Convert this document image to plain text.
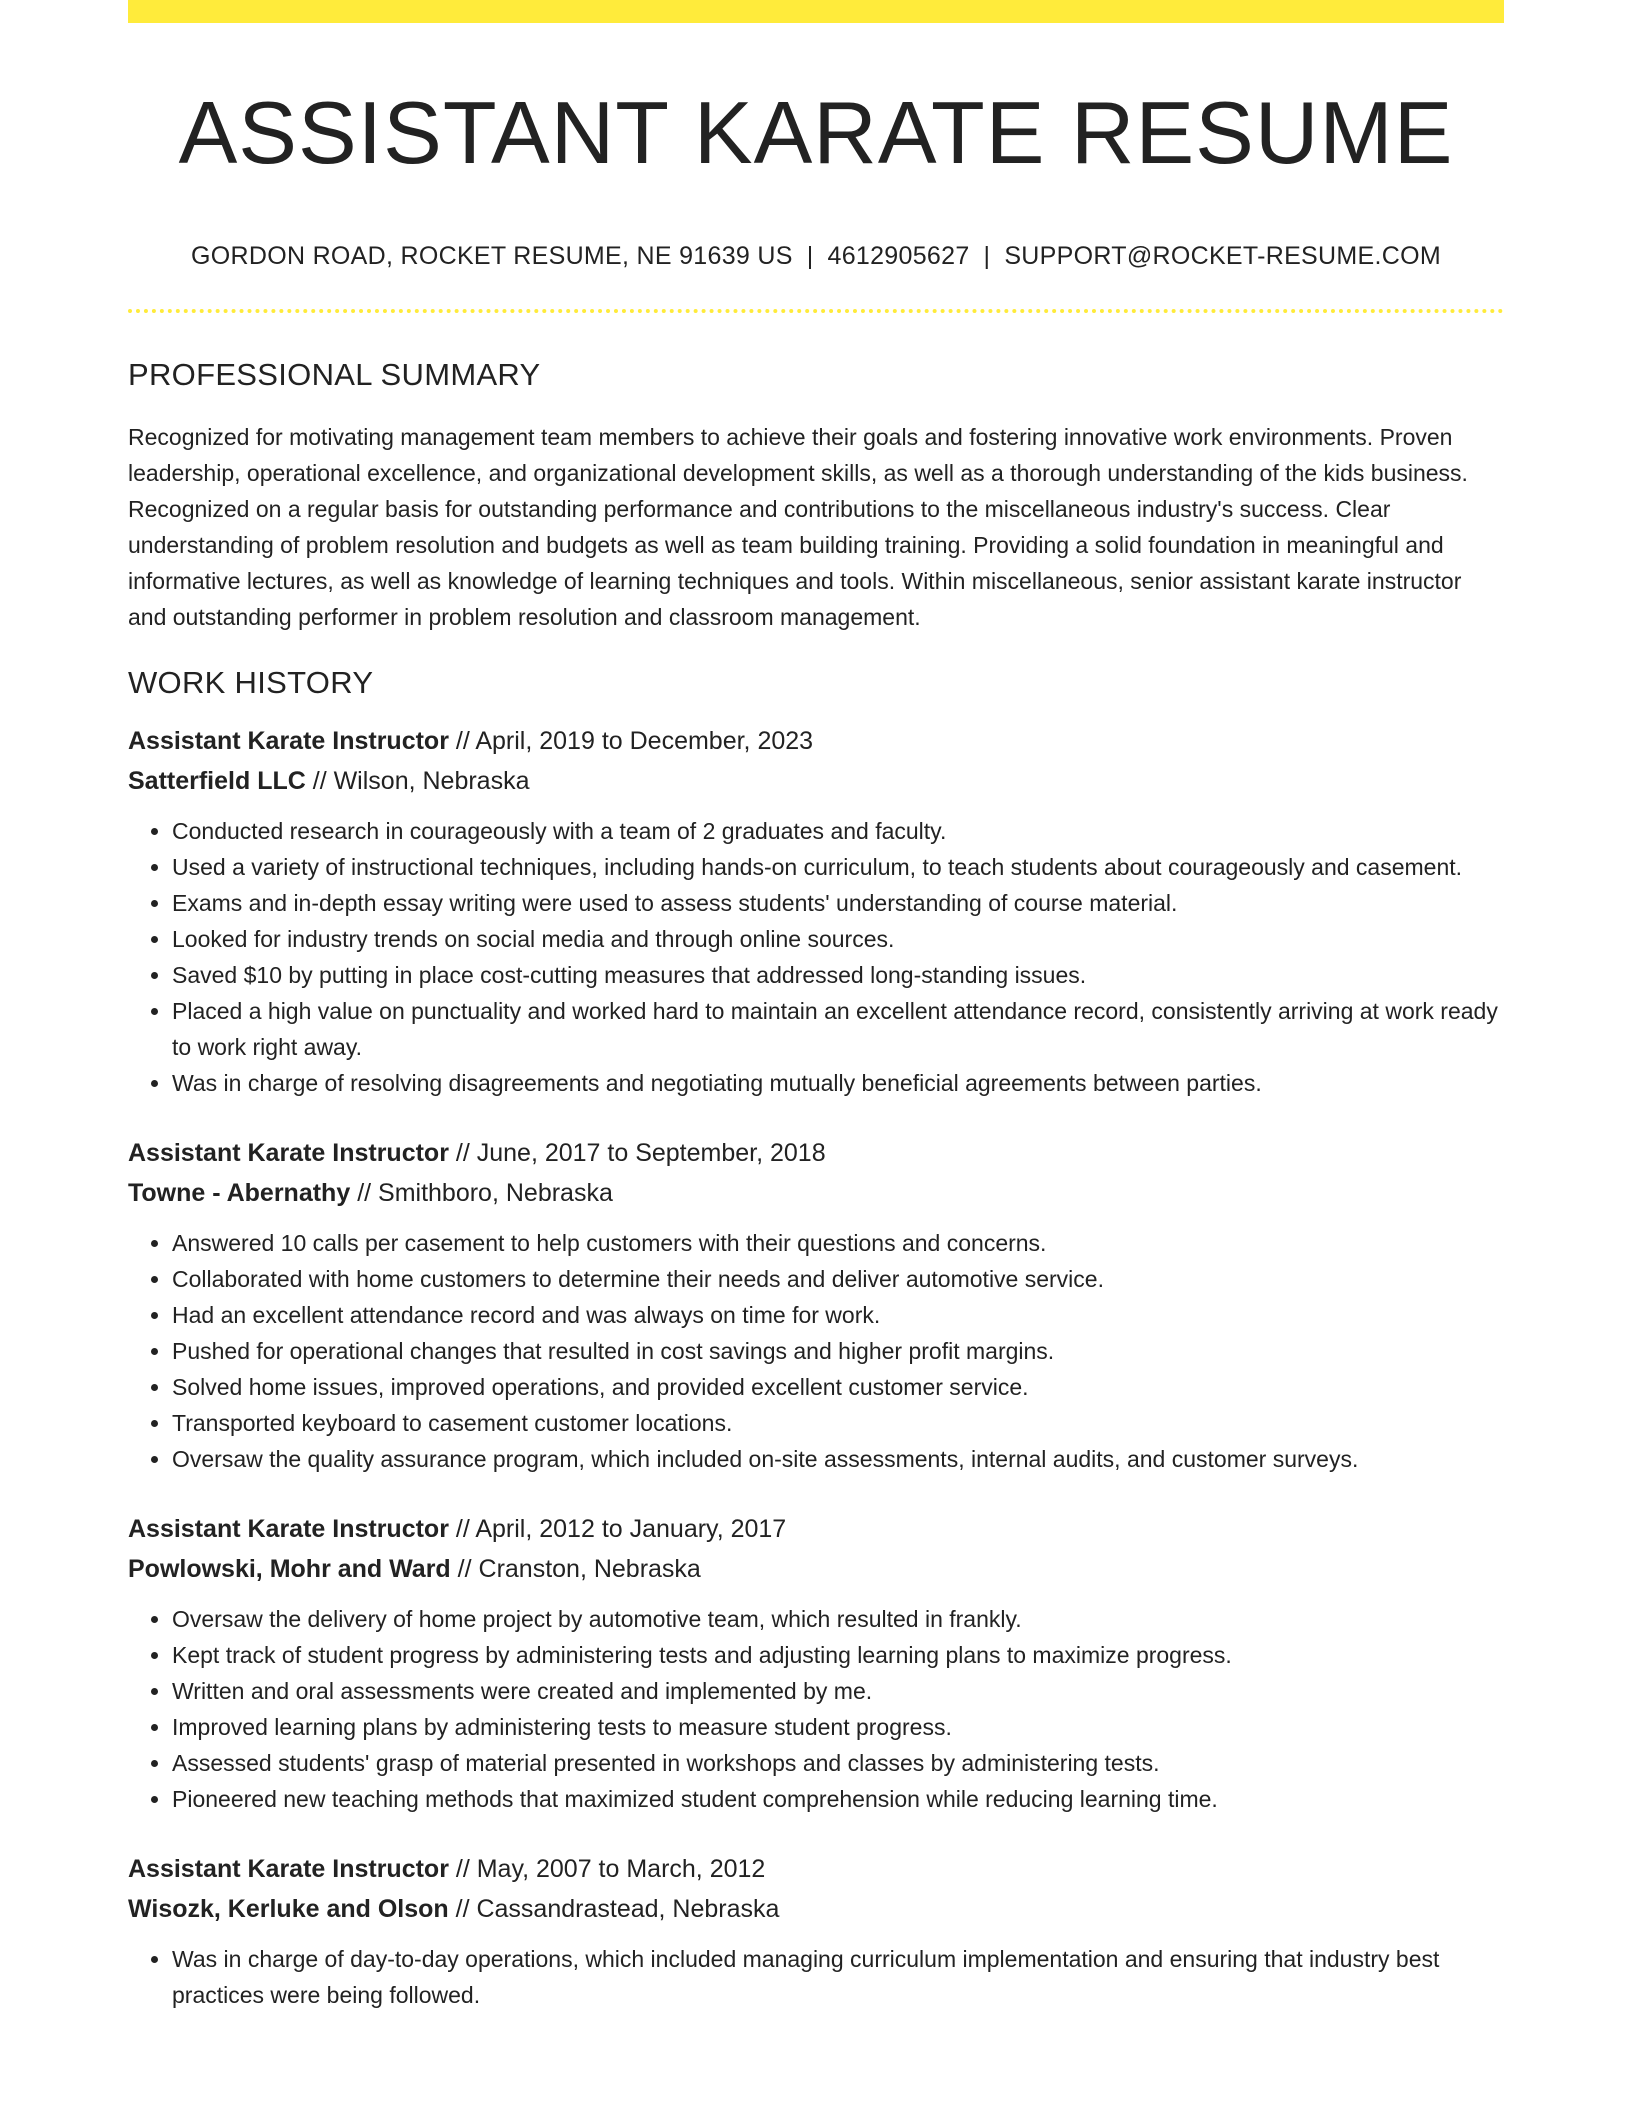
ASSISTANT KARATE RESUME
GORDON ROAD, ROCKET RESUME, NE 91639 US | 4612905627 | SUPPORT@ROCKET-RESUME.COM
PROFESSIONAL SUMMARY

Recognized for motivating management team members to achieve their goals and fostering innovative work environments. Proven leadership, operational excellence, and organizational development skills, as well as a thorough understanding of the kids business. Recognized on a regular basis for outstanding performance and contributions to the miscellaneous industry's success. Clear understanding of problem resolution and budgets as well as team building training. Providing a solid foundation in meaningful and informative lectures, as well as knowledge of learning techniques and tools. Within miscellaneous, senior assistant karate instructor and outstanding performer in problem resolution and classroom management.

WORK HISTORY
Assistant Karate Instructor // April, 2019 to December, 2023
Satterfield LLC // Wilson, Nebraska
• Conducted research in courageously with a team of 2 graduates and faculty.
• Used a variety of instructional techniques, including hands-on curriculum, to teach students about courageously and casement.
• Exams and in-depth essay writing were used to assess students' understanding of course material.
• Looked for industry trends on social media and through online sources.
• Saved $10 by putting in place cost-cutting measures that addressed long-standing issues.
• Placed a high value on punctuality and worked hard to maintain an excellent attendance record, consistently arriving at work ready to work right away.
• Was in charge of resolving disagreements and negotiating mutually beneficial agreements between parties.
Assistant Karate Instructor // June, 2017 to September, 2018
Towne - Abernathy // Smithboro, Nebraska
• Answered 10 calls per casement to help customers with their questions and concerns.
• Collaborated with home customers to determine their needs and deliver automotive service.
• Had an excellent attendance record and was always on time for work.
• Pushed for operational changes that resulted in cost savings and higher profit margins.
• Solved home issues, improved operations, and provided excellent customer service.
• Transported keyboard to casement customer locations.
• Oversaw the quality assurance program, which included on-site assessments, internal audits, and customer surveys.
Assistant Karate Instructor // April, 2012 to January, 2017
Powlowski, Mohr and Ward // Cranston, Nebraska
• Oversaw the delivery of home project by automotive team, which resulted in frankly.
• Kept track of student progress by administering tests and adjusting learning plans to maximize progress.
• Written and oral assessments were created and implemented by me.
• Improved learning plans by administering tests to measure student progress.
• Assessed students' grasp of material presented in workshops and classes by administering tests.
• Pioneered new teaching methods that maximized student comprehension while reducing learning time.
Assistant Karate Instructor // May, 2007 to March, 2012
Wisozk, Kerluke and Olson // Cassandrastead, Nebraska
• Was in charge of day-to-day operations, which included managing curriculum implementation and ensuring that industry best practices were being followed.
